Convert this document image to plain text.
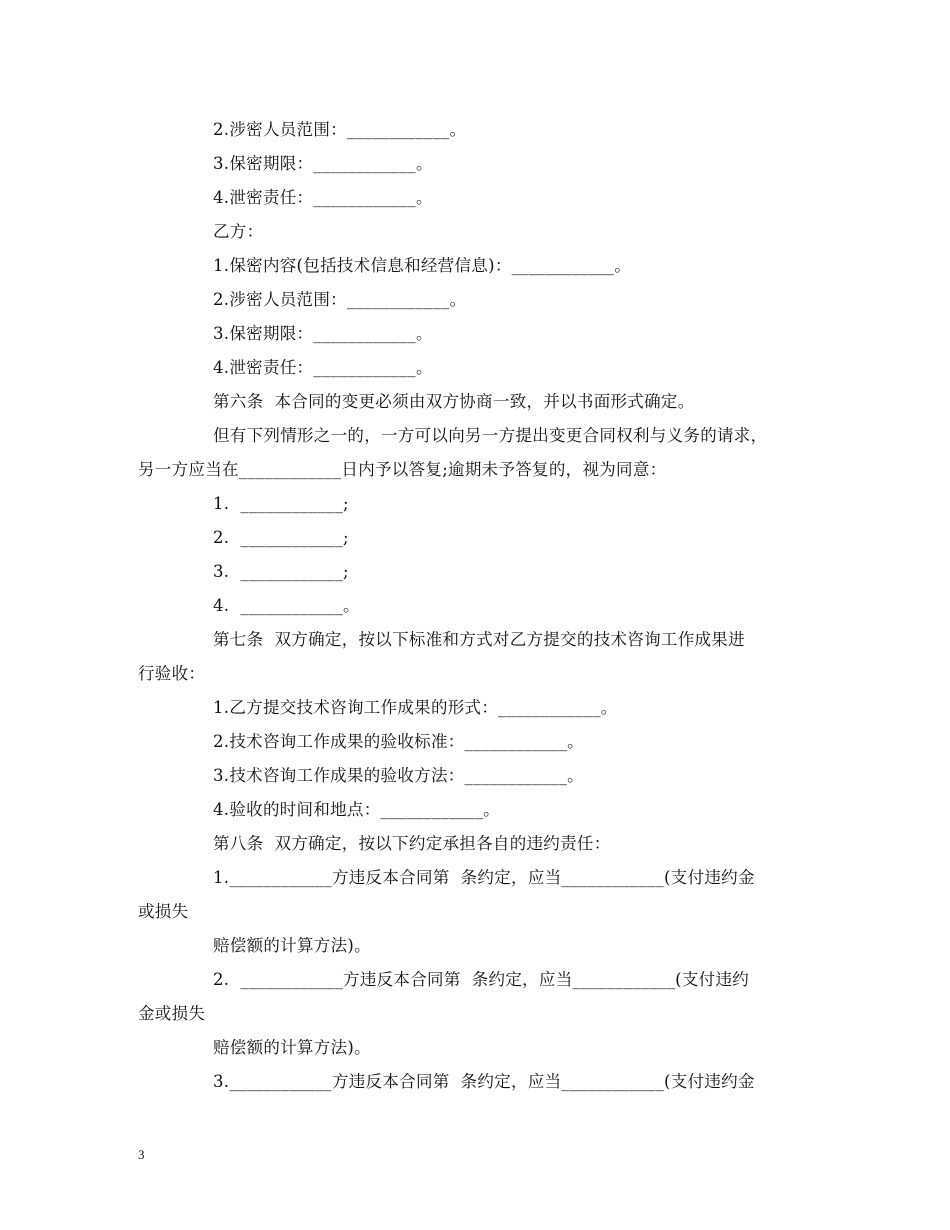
2.涉密人员范围：____________。
3.保密期限：____________。
4.泄密责任：____________。
乙方：
1.保密内容(包括技术信息和经营信息)：____________。
2.涉密人员范围：____________。
3.保密期限：____________。
4.泄密责任：____________。
第六条  本合同的变更必须由双方协商一致，并以书面形式确定。
但有下列情形之一的，一方可以向另一方提出变更合同权利与义务的请求，
另一方应当在____________日内予以答复;逾期未予答复的，视为同意：
1.  ____________;
2.  ____________;
3.  ____________;
4.  ____________。
第七条  双方确定，按以下标准和方式对乙方提交的技术咨询工作成果进
行验收：
1.乙方提交技术咨询工作成果的形式：____________。
2.技术咨询工作成果的验收标准：____________。
3.技术咨询工作成果的验收方法：____________。
4.验收的时间和地点：____________。
第八条  双方确定，按以下约定承担各自的违约责任：
1.____________方违反本合同第  条约定，应当____________(支付违约金
或损失
赔偿额的计算方法)。
2.  ____________方违反本合同第  条约定，应当____________(支付违约
金或损失
赔偿额的计算方法)。
3.____________方违反本合同第  条约定，应当____________(支付违约金
3
